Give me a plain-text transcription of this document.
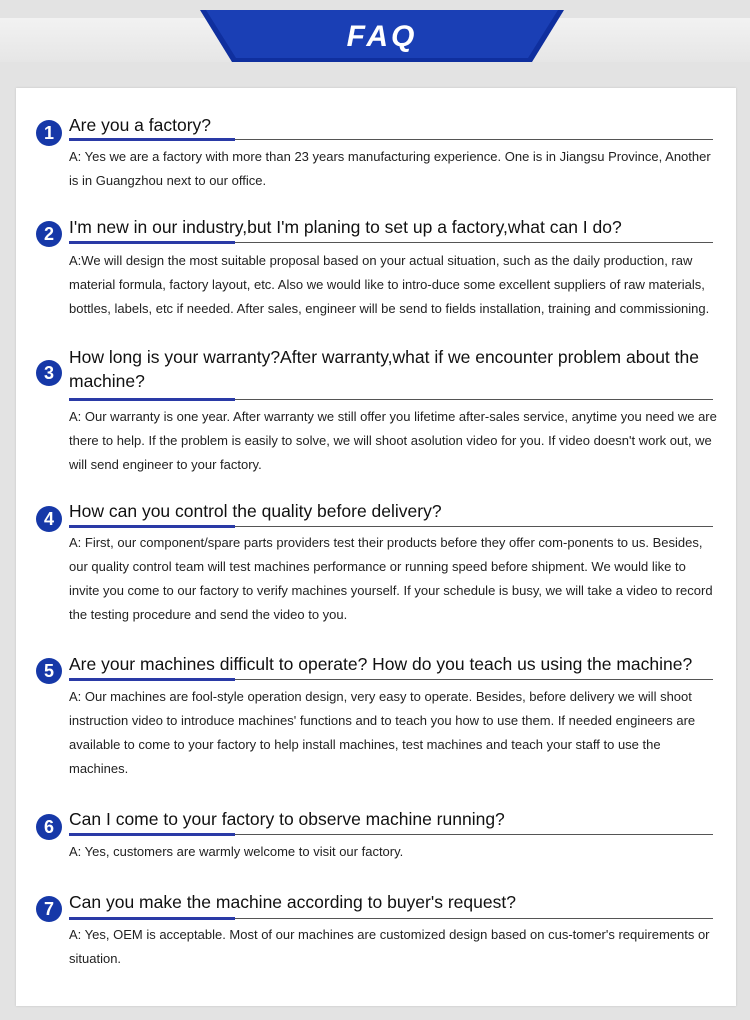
FAQ
1 Are you a factory?
A: Yes we are a factory with more than 23 years manufacturing experience. One is in Jiangsu Province, Another is in Guangzhou next to our office.
2 I'm new in our industry,but I'm planing to set up a factory,what can I do?
A:We will design the most suitable proposal based on your actual situation, such as the daily production, raw material formula, factory layout, etc. Also we would like to intro-duce some excellent suppliers of raw materials, bottles, labels, etc if needed. After sales, engineer will be send to fields installation, training and commissioning.
3
How long is your warranty?After warranty,what if we encounter problem about the machine?
A: Our warranty is one year. After warranty we still offer you lifetime after-sales service, anytime you need we are there to help. If the problem is easily to solve, we will shoot asolution video for you. If video doesn't work out, we will send engineer to your factory.
4 How can you control the quality before delivery?
A: First, our component/spare parts providers test their products before they offer com-ponents to us. Besides, our quality control team will test machines performance or running speed before shipment. We would like to invite you come to our factory to verify machines yourself. If your schedule is busy, we will take a video to record the testing procedure and send the video to you.
5 Are your machines difficult to operate? How do you teach us using the machine?
A: Our machines are fool-style operation design, very easy to operate. Besides, before delivery we will shoot instruction video to introduce machines' functions and to teach you how to use them. If needed engineers are available to come to your factory to help install machines, test machines and teach your staff to use the machines.
6 Can I come to your factory to observe machine running?
A: Yes, customers are warmly welcome to visit our factory.
7 Can you make the machine according to buyer's request?
A: Yes, OEM is acceptable. Most of our machines are customized design based on cus-tomer's requirements or situation.
